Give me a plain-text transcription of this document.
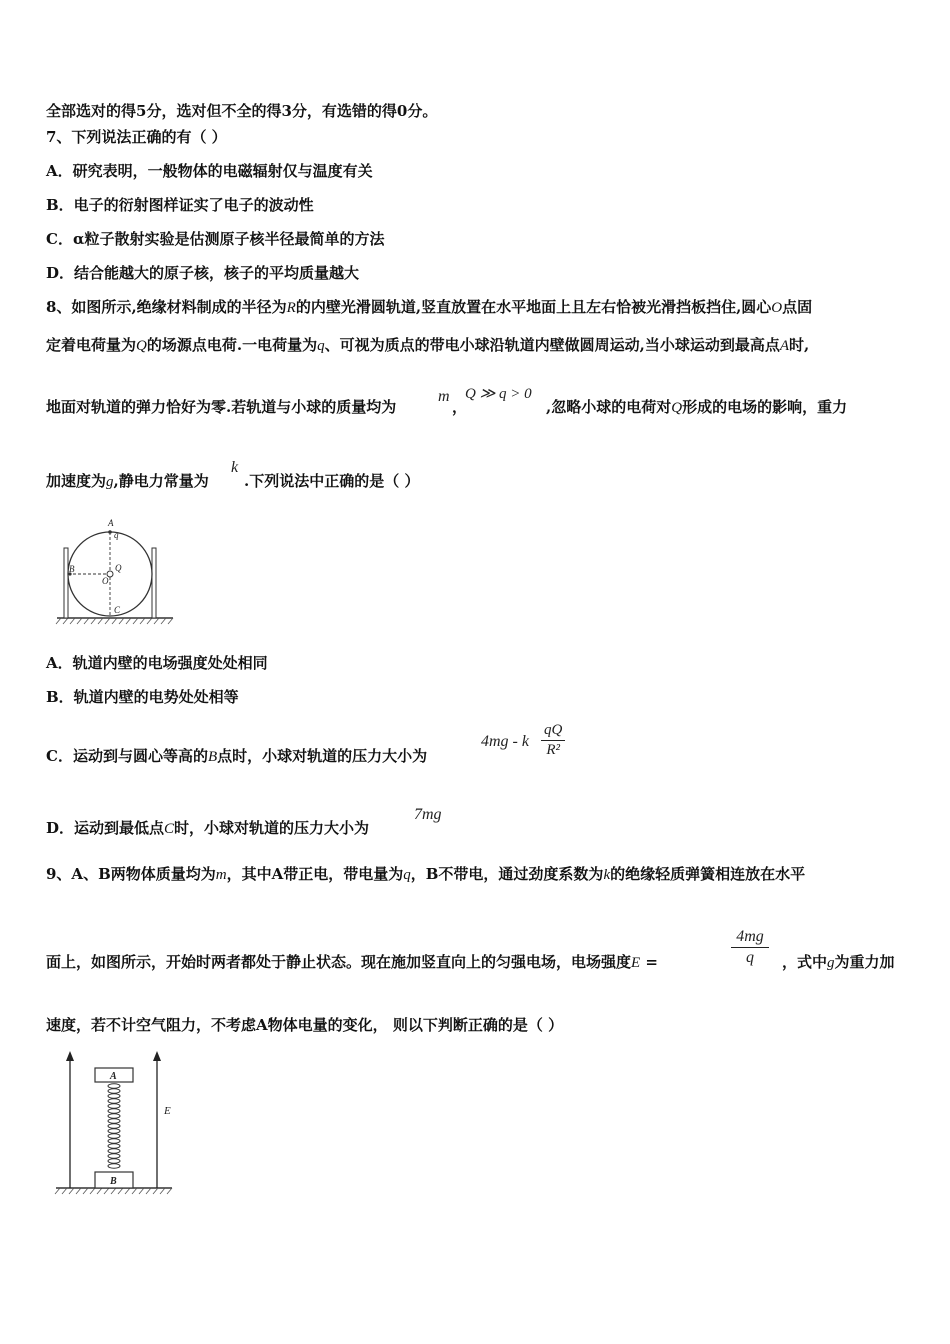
全部选对的得5分，选对但不全的得3分，有选错的得0分。
7、下列说法正确的有（ ）
A．研究表明，一般物体的电磁辐射仅与温度有关
B．电子的衍射图样证实了电子的波动性
C．α粒子散射实验是估测原子核半径最简单的方法
D．结合能越大的原子核，核子的平均质量越大
8、如图所示,绝缘材料制成的半径为R的内壁光滑圆轨道,竖直放置在水平地面上且左右恰被光滑挡板挡住,圆心O点固
定着电荷量为Q的场源点电荷.一电荷量为q、可视为质点的带电小球沿轨道内壁做圆周运动,当小球运动到最高点A时,
地面对轨道的弹力恰好为零.若轨道与小球的质量均为
m
，
Q ≫ q > 0
,忽略小球的电荷对Q形成的电场的影响，重力
加速度为g,静电力常量为
k
.下列说法中正确的是（ ）
A
q
B	Q
O
C
A．轨道内壁的电场强度处处相同
B．轨道内壁的电势处处相等
C．运动到与圆心等高的B点时，小球对轨道的压力大小为
4mg - k $\frac{qQ}{\text{R²}}$
D．运动到最低点C时，小球对轨道的压力大小为
7mg
9、A、B两物体质量均为m，其中A带正电，带电量为q，B不带电，通过劲度系数为k的绝缘轻质弹簧相连放在水平
面上，如图所示，开始时两者都处于静止状态。现在施加竖直向上的匀强电场，电场强度E =	$\frac{4mg}{q}$ ，式中g为重力加
速度，若不计空气阻力，不考虑A物体电量的变化， 则以下判断正确的是（ ）
E
A
B
